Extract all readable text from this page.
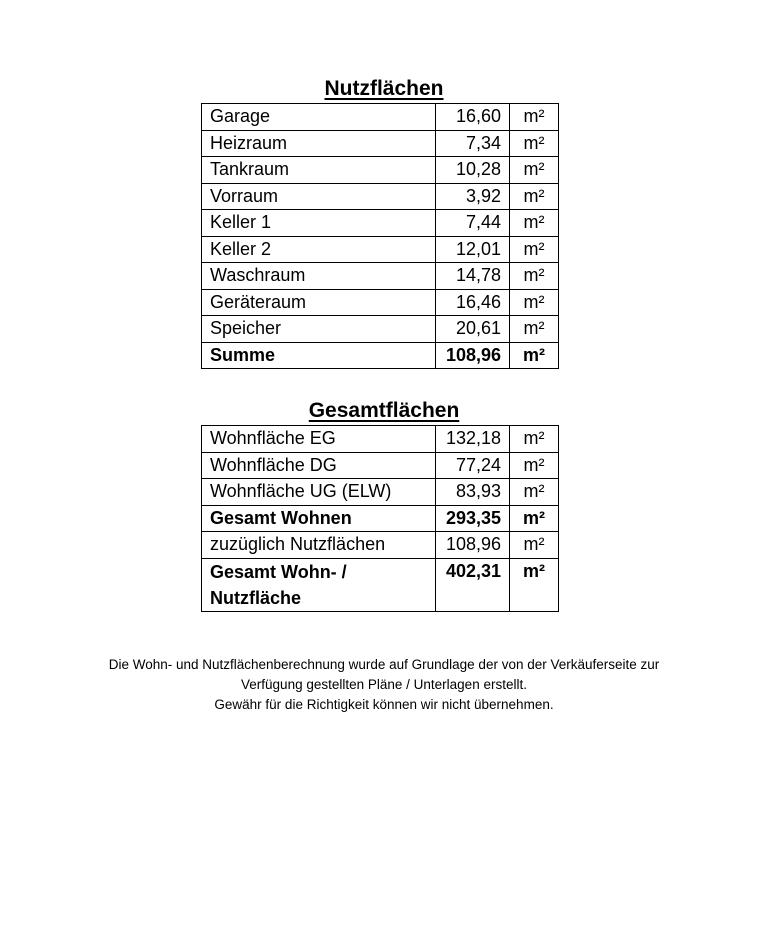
Nutzflächen
Garage	16,60	m²
Heizraum	7,34	m²
Tankraum	10,28	m²
Vorraum	3,92	m²
Keller 1	7,44	m²
Keller 2	12,01	m²
Waschraum	14,78	m²
Geräteraum	16,46	m²
Speicher	20,61	m²
Summe	108,96	m²
Gesamtflächen
Wohnfläche EG	132,18	m²
Wohnfläche DG	77,24	m²
Wohnfläche UG (ELW)	83,93	m²
Gesamt Wohnen	293,35	m²
zuzüglich Nutzflächen	108,96	m²
Gesamt Wohn- / Nutzfläche	402,31	m²

Die Wohn- und Nutzflächenberechnung wurde auf Grundlage der von der Verkäuferseite zur

Verfügung gestellten Pläne / Unterlagen erstellt.

Gewähr für die Richtigkeit können wir nicht übernehmen.
